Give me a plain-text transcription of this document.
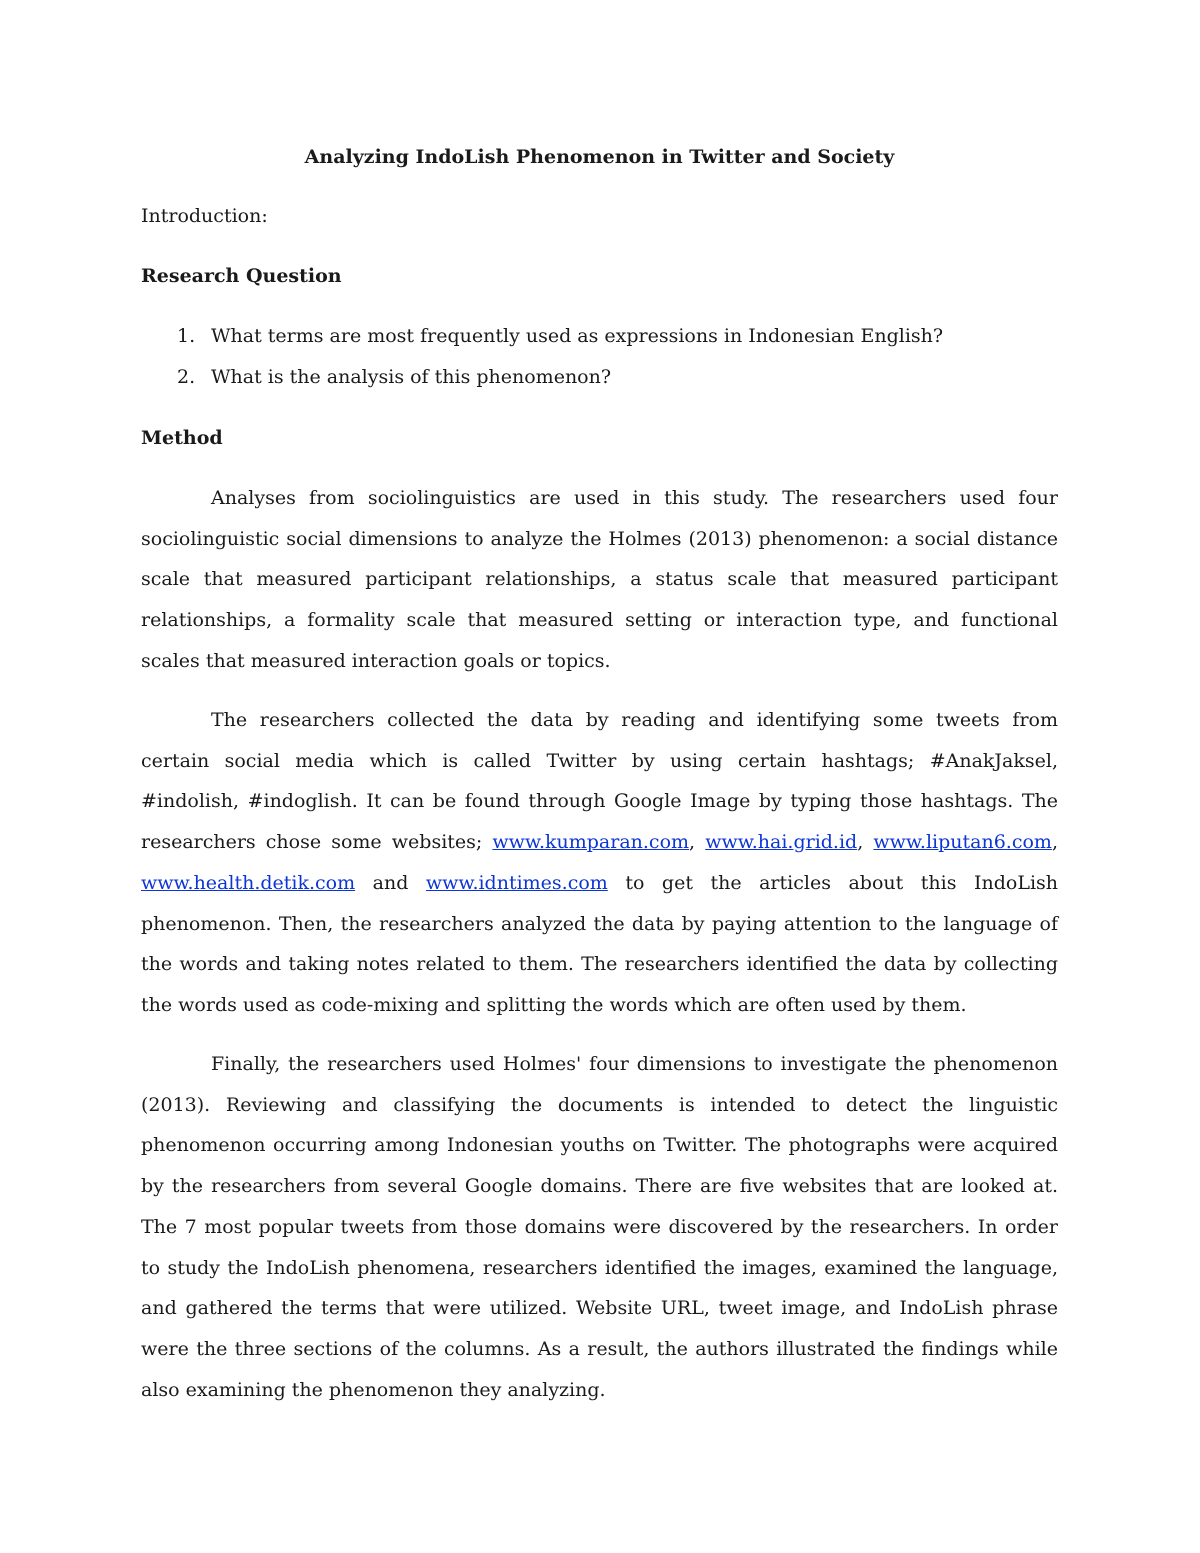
Analyzing IndoLish Phenomenon in Twitter and Society

Introduction:

Research Question
1. What terms are most frequently used as expressions in Indonesian English?
2. What is the analysis of this phenomenon?
Method

Analyses from sociolinguistics are used in this study. The researchers used four sociolinguistic social dimensions to analyze the Holmes (2013) phenomenon: a social distance scale that measured participant relationships, a status scale that measured participant relationships, a formality scale that measured setting or interaction type, and functional scales that measured interaction goals or topics.

The researchers collected the data by reading and identifying some tweets from certain social media which is called Twitter by using certain hashtags; #AnakJaksel, #indolish, #indoglish. It can be found through Google Image by typing those hashtags. The researchers chose some websites; www.kumparan.com, www.hai.grid.id, www.liputan6.com, www.health.detik.com and www.idntimes.com to get the articles about this IndoLish phenomenon. Then, the researchers analyzed the data by paying attention to the language of the words and taking notes related to them. The researchers identified the data by collecting the words used as code-mixing and splitting the words which are often used by them.

Finally, the researchers used Holmes' four dimensions to investigate the phenomenon (2013). Reviewing and classifying the documents is intended to detect the linguistic phenomenon occurring among Indonesian youths on Twitter. The photographs were acquired by the researchers from several Google domains. There are five websites that are looked at. The 7 most popular tweets from those domains were discovered by the researchers. In order to study the IndoLish phenomena, researchers identified the images, examined the language, and gathered the terms that were utilized. Website URL, tweet image, and IndoLish phrase were the three sections of the columns. As a result, the authors illustrated the findings while also examining the phenomenon they analyzing.
